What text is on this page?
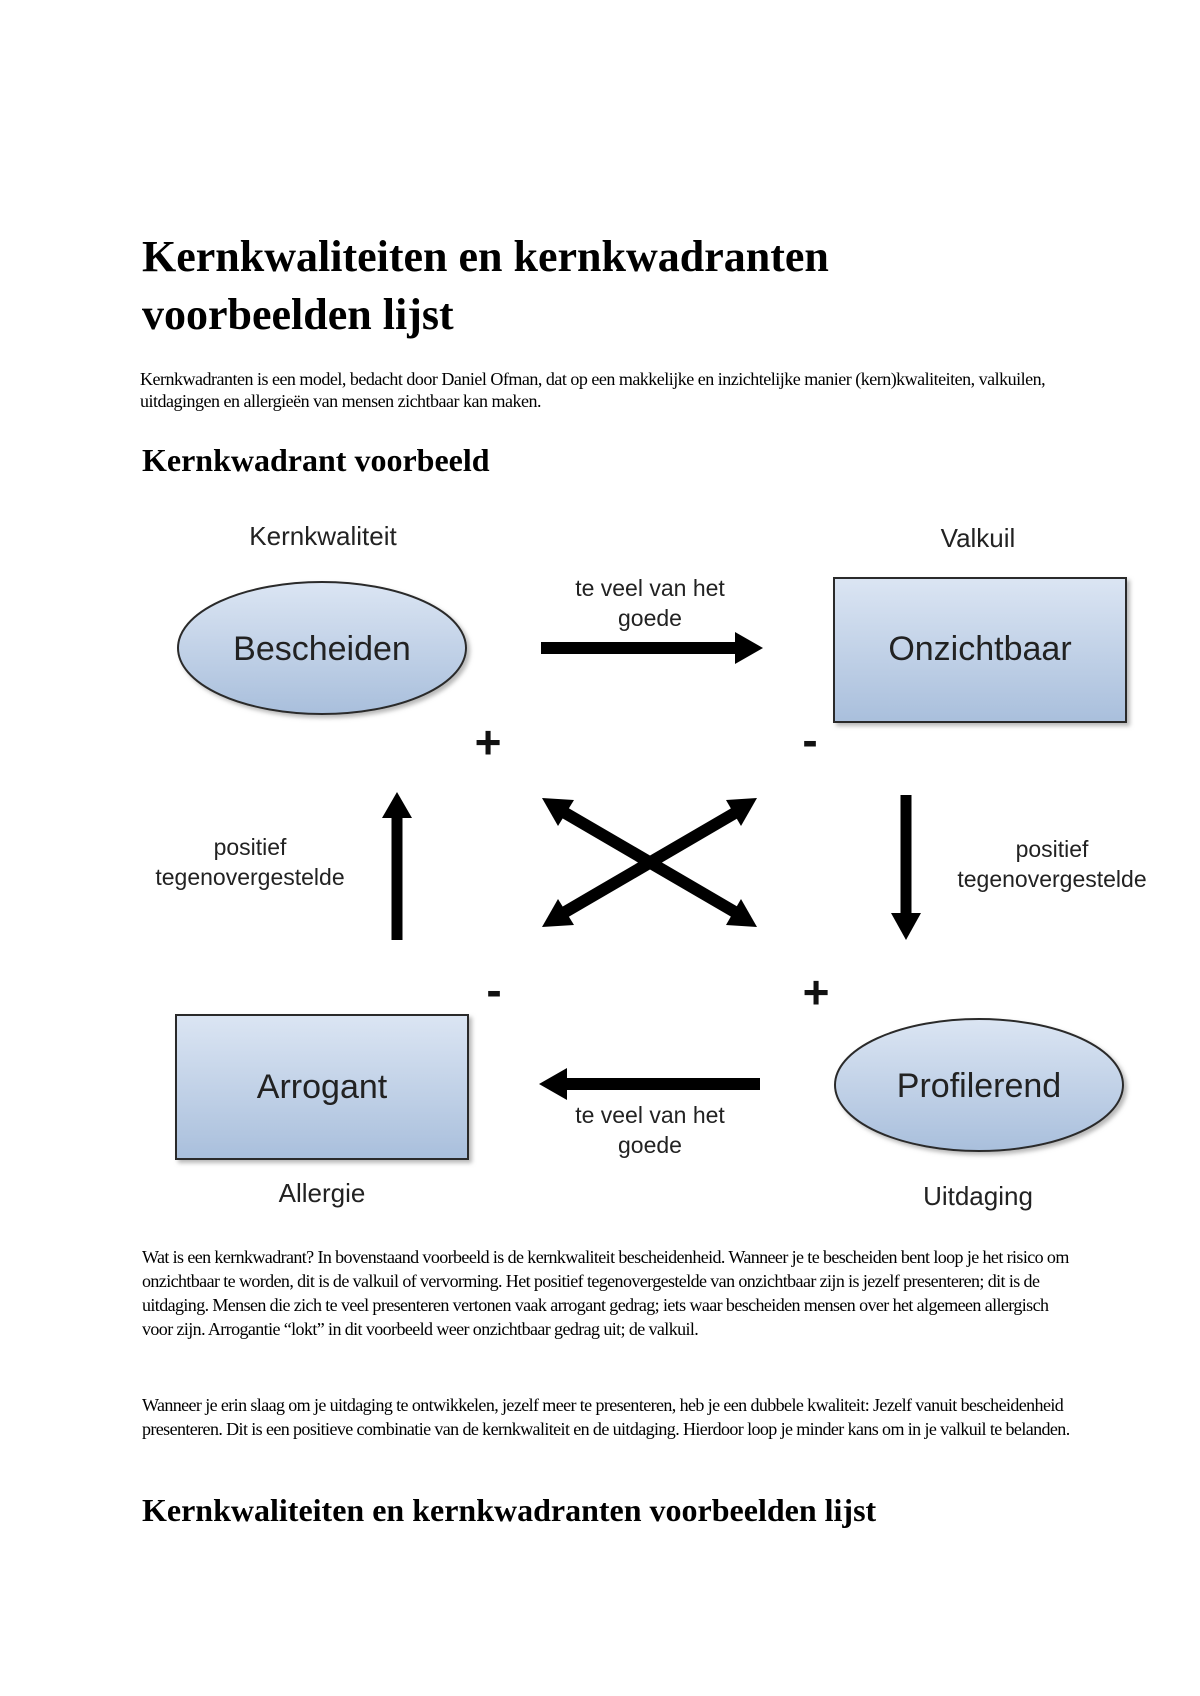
Kernkwaliteiten en kernkwadranten voorbeelden lijst

Kernkwadranten is een model, bedacht door Daniel Ofman, dat op een makkelijke en inzichtelijke manier (kern)kwaliteiten, valkuilen, uitdagingen en allergieën van mensen zichtbaar kan maken.

Kernkwadrant voorbeeld
Kernkwaliteit	Valkuil
Allergie	Uitdaging
Bescheiden	Onzichtbaar
Arrogant	Profilerend
te veel van het
goede
te veel van het
goede
positief
tegenovergestelde
positief
tegenovergestelde
+	-
-	+

Wat is een kernkwadrant? In bovenstaand voorbeeld is de kernkwaliteit bescheidenheid. Wanneer je te bescheiden bent loop je het risico om onzichtbaar te worden, dit is de valkuil of vervorming. Het positief tegenovergestelde van onzichtbaar zijn is jezelf presenteren; dit is de uitdaging. Mensen die zich te veel presenteren vertonen vaak arrogant gedrag; iets waar bescheiden mensen over het algemeen allergisch voor zijn. Arrogantie “lokt” in dit voorbeeld weer onzichtbaar gedrag uit; de valkuil.

Wanneer je erin slaag om je uitdaging te ontwikkelen, jezelf meer te presenteren, heb je een dubbele kwaliteit: Jezelf vanuit bescheidenheid presenteren. Dit is een positieve combinatie van de kernkwaliteit en de uitdaging. Hierdoor loop je minder kans om in je valkuil te belanden.

Kernkwaliteiten en kernkwadranten voorbeelden lijst
